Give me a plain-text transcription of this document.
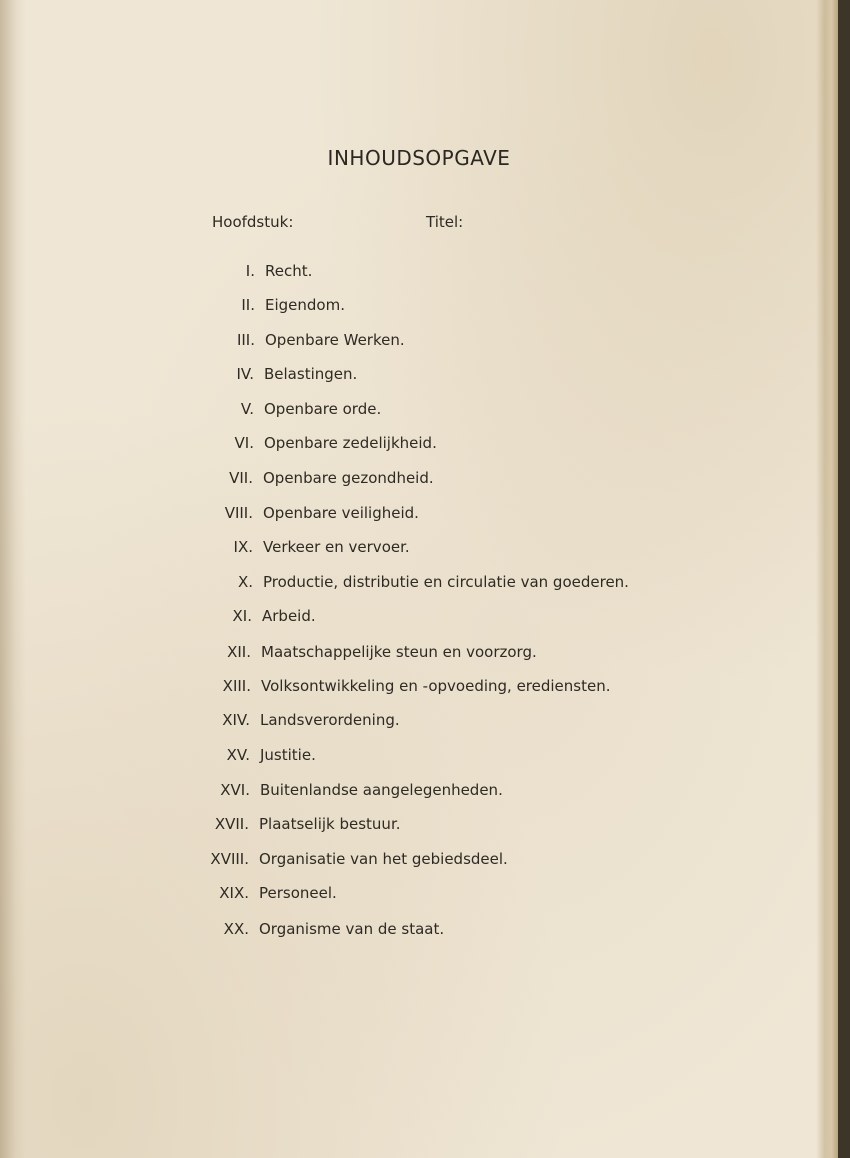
INHOUDSOPGAVE
Hoofdstuk:	Titel:
I. Recht.
II. Eigendom.
III. Openbare Werken.
IV. Belastingen.
V. Openbare orde.
VI. Openbare zedelijkheid.
VII. Openbare gezondheid.
VIII. Openbare veiligheid.
IX. Verkeer en vervoer.
X. Productie, distributie en circulatie van goederen.
XI. Arbeid.
XII. Maatschappelijke steun en voorzorg.
XIII. Volksontwikkeling en -opvoeding, erediensten.
XIV. Landsverordening.
XV. Justitie.
XVI. Buitenlandse aangelegenheden.
XVII. Plaatselijk bestuur.
XVIII. Organisatie van het gebiedsdeel.
XIX. Personeel.
XX. Organisme van de staat.
